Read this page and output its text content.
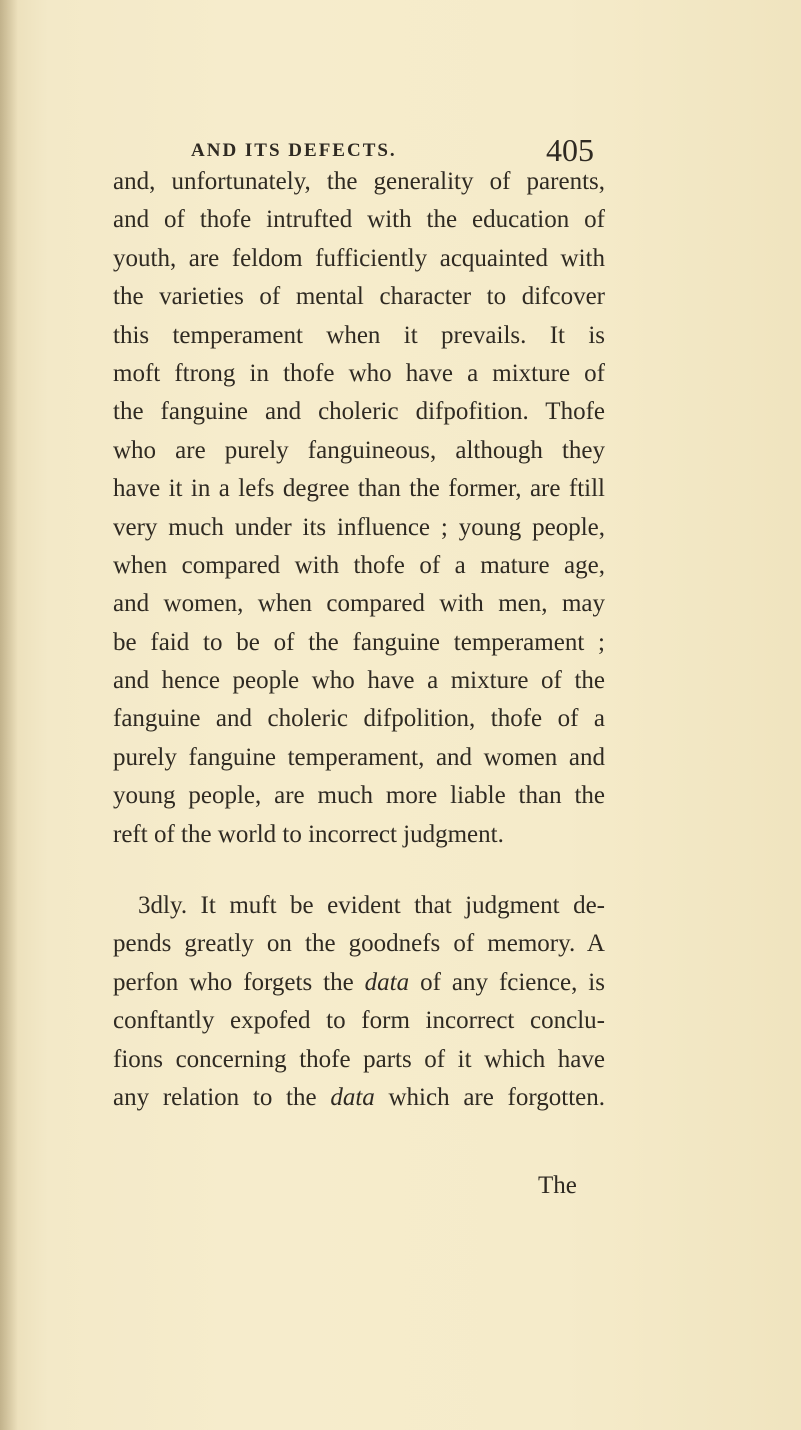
AND ITS DEFECTS.	405
and, unfortunately, the generality of parents,
and of thofe intrufted with the education of
youth, are feldom fufficiently acquainted with
the varieties of mental character to difcover
this temperament when it prevails. It is
moft ftrong in thofe who have a mixture of
the fanguine and choleric difpofition. Thofe
who are purely fanguineous, although they
have it in a lefs degree than the former, are ftill
very much under its influence ; young people,
when compared with thofe of a mature age,
and women, when compared with men, may
be faid to be of the fanguine temperament ;
and hence people who have a mixture of the
fanguine and choleric difpolition, thofe of a
purely fanguine temperament, and women and
young people, are much more liable than the
reft of the world to incorrect judgment.
3dly. It muft be evident that judgment de-
pends greatly on the goodnefs of memory. A
perfon who forgets the data of any fcience, is
conftantly expofed to form incorrect conclu-
fions concerning thofe parts of it which have
any relation to the data which are forgotten.
The
